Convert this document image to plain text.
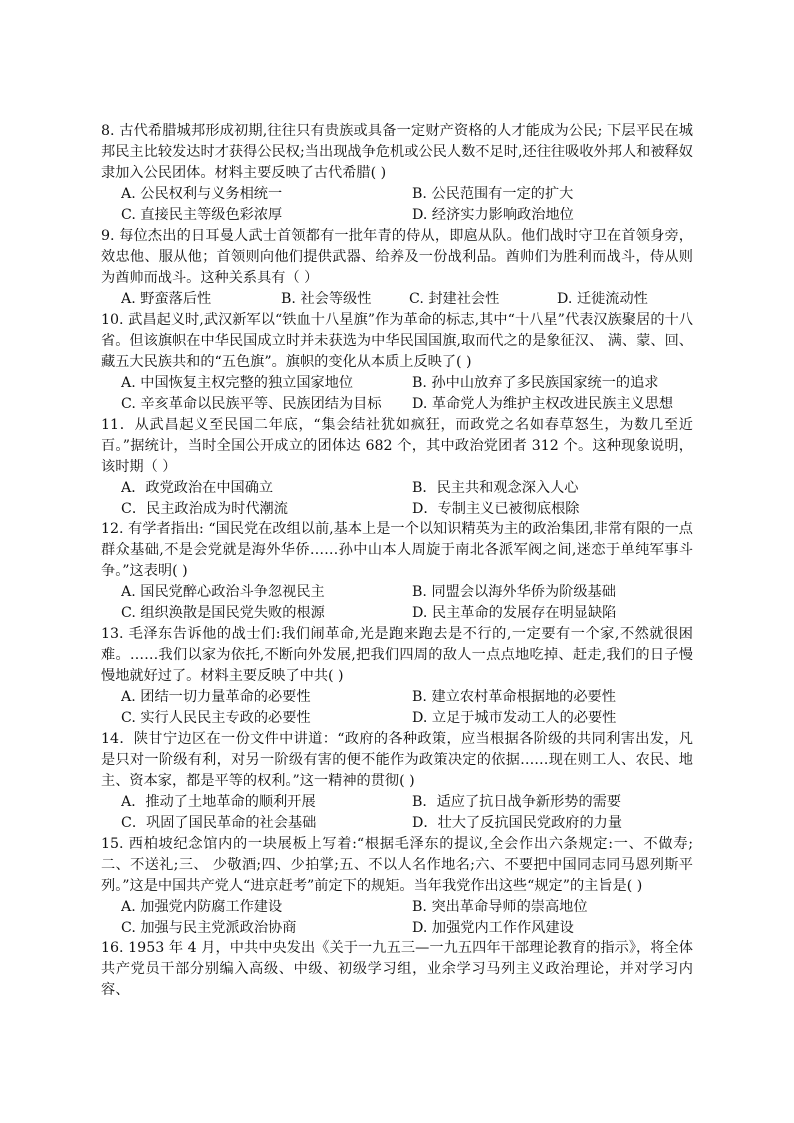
8. 古代希腊城邦形成初期,往往只有贵族或具备一定财产资格的人才能成为公民; 下层平民在城邦民主比较发达时才获得公民权;当出现战争危机或公民人数不足时,还往往吸收外邦人和被释奴隶加入公民团体。材料主要反映了古代希腊( )

A. 公民权利与义务相统一	B. 公民范围有一定的扩大
C. 直接民主等级色彩浓厚	D. 经济实力影响政治地位

9. 每位杰出的日耳曼人武士首领都有一批年青的侍从，即扈从队。他们战时守卫在首领身旁，效忠他、服从他；首领则向他们提供武器、给养及一份战利品。酋帅们为胜利而战斗，侍从则为酋帅而战斗。这种关系具有（ ）

A. 野蛮落后性	B. 社会等级性	C. 封建社会性	D. 迁徙流动性

10. 武昌起义时,武汉新军以“铁血十八星旗”作为革命的标志,其中“十八星”代表汉族聚居的十八省。但该旗帜在中华民国成立时并未获选为中华民国国旗,取而代之的是象征汉、 满、蒙、回、藏五大民族共和的“五色旗”。旗帜的变化从本质上反映了( )

A. 中国恢复主权完整的独立国家地位	B. 孙中山放弃了多民族国家统一的追求
C. 辛亥革命以民族平等、民族团结为目标	D. 革命党人为维护主权改进民族主义思想

11．从武昌起义至民国二年底，“集会结社犹如疯狂，而政党之名如春草怒生，为数几至近百。”据统计，当时全国公开成立的团体达 682 个，其中政治党团者 312 个。这种现象说明，该时期（ ）

A．政党政治在中国确立	B．民主共和观念深入人心
C．民主政治成为时代潮流	D．专制主义已被彻底根除

12. 有学者指出: “国民党在改组以前,基本上是一个以知识精英为主的政治集团,非常有限的一点群众基础,不是会党就是海外华侨……孙中山本人周旋于南北各派军阀之间,迷恋于单纯军事斗争。”这表明( )

A. 国民党醉心政治斗争忽视民主	B. 同盟会以海外华侨为阶级基础
C. 组织涣散是国民党失败的根源	D. 民主革命的发展存在明显缺陷

13. 毛泽东告诉他的战士们:我们闹革命,光是跑来跑去是不行的,一定要有一个家,不然就很困难。……我们以家为依托,不断向外发展,把我们四周的敌人一点点地吃掉、赶走,我们的日子慢慢地就好过了。材料主要反映了中共( )

A. 团结一切力量革命的必要性	B. 建立农村革命根据地的必要性
C. 实行人民民主专政的必要性	D. 立足于城市发动工人的必要性

14．陕甘宁边区在一份文件中讲道：“政府的各种政策，应当根据各阶级的共同利害出发，凡是只对一阶级有利，对另一阶级有害的便不能作为政策决定的依据……现在则工人、农民、地主、资本家，都是平等的权利。”这一精神的贯彻( )

A．推动了土地革命的顺利开展	B．适应了抗日战争新形势的需要
C．巩固了国民革命的社会基础	D．壮大了反抗国民党政府的力量

15. 西柏坡纪念馆内的一块展板上写着:“根据毛泽东的提议,全会作出六条规定:一、不做寿;二、不送礼;三、 少敬酒;四、少拍掌;五、不以人名作地名;六、不要把中国同志同马恩列斯平列。”这是中国共产党人“进京赶考”前定下的规矩。当年我党作出这些“规定”的主旨是( )

A. 加强党内防腐工作建设	B. 突出革命导师的崇高地位
C. 加强与民主党派政治协商	D. 加强党内工作作风建设

16. 1953 年 4 月，中共中央发出《关于一九五三—一九五四年干部理论教育的指示》，将全体共产党员干部分别编入高级、中级、初级学习组，业余学习马列主义政治理论，并对学习内容、
